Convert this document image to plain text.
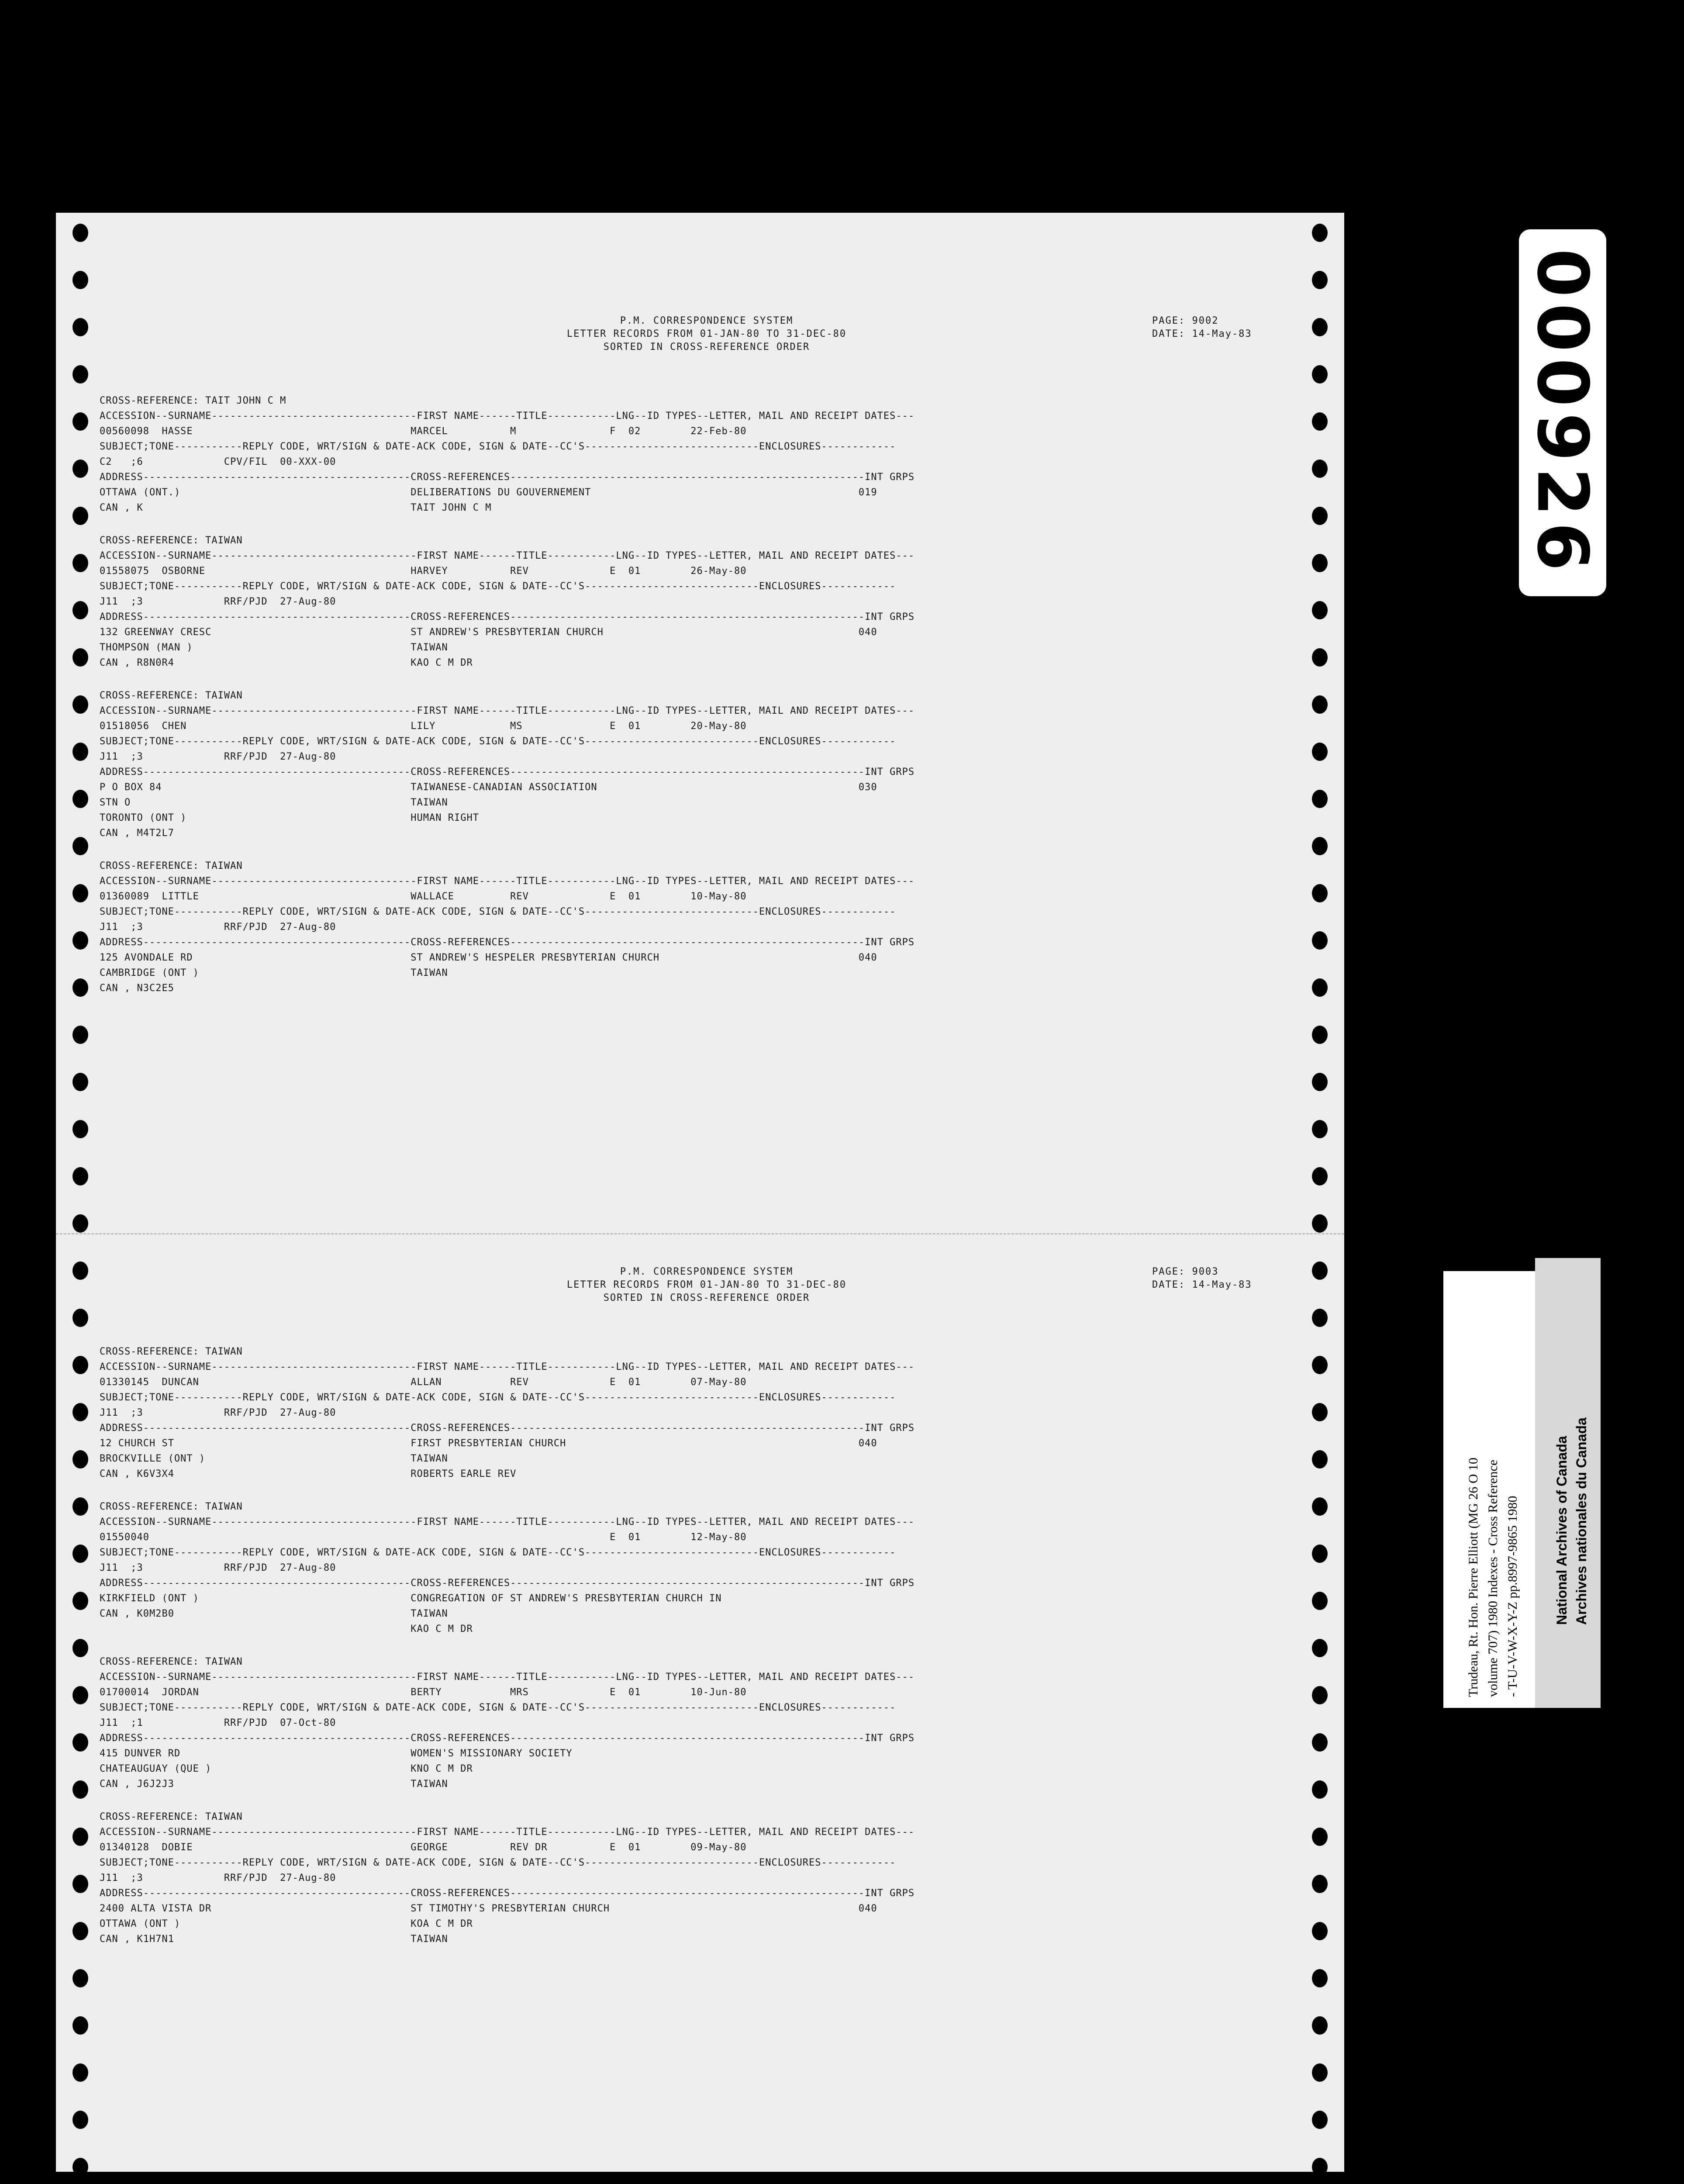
P.M. CORRESPONDENCE SYSTEM
LETTER RECORDS FROM 01-JAN-80 TO 31-DEC-80
SORTED IN CROSS-REFERENCE ORDER
PAGE: 9002
DATE: 14-May-83
CROSS-REFERENCE: TAIT JOHN C M
ACCESSION--SURNAME---------------------------------FIRST NAME------TITLE-----------LNG--ID TYPES--LETTER, MAIL AND RECEIPT DATES---
00560098  HASSE                                   MARCEL          M               F  02        22-Feb-80
SUBJECT;TONE-----------REPLY CODE, WRT/SIGN & DATE-ACK CODE, SIGN & DATE--CC'S----------------------------ENCLOSURES------------
C2   ;6             CPV/FIL  00-XXX-00
ADDRESS-------------------------------------------CROSS-REFERENCES---------------------------------------------------------INT GRPS
OTTAWA (ONT.)                                     DELIBERATIONS DU GOUVERNEMENT                                           019
CAN , K                                           TAIT JOHN C M
CROSS-REFERENCE: TAIWAN
ACCESSION--SURNAME---------------------------------FIRST NAME------TITLE-----------LNG--ID TYPES--LETTER, MAIL AND RECEIPT DATES---
01558075  OSBORNE                                 HARVEY          REV             E  01        26-May-80
SUBJECT;TONE-----------REPLY CODE, WRT/SIGN & DATE-ACK CODE, SIGN & DATE--CC'S----------------------------ENCLOSURES------------
J11  ;3             RRF/PJD  27-Aug-80
ADDRESS-------------------------------------------CROSS-REFERENCES---------------------------------------------------------INT GRPS
132 GREENWAY CRESC                                ST ANDREW'S PRESBYTERIAN CHURCH                                         040
THOMPSON (MAN )                                   TAIWAN
CAN , R8N0R4                                      KAO C M DR
CROSS-REFERENCE: TAIWAN
ACCESSION--SURNAME---------------------------------FIRST NAME------TITLE-----------LNG--ID TYPES--LETTER, MAIL AND RECEIPT DATES---
01518056  CHEN                                    LILY            MS              E  01        20-May-80
SUBJECT;TONE-----------REPLY CODE, WRT/SIGN & DATE-ACK CODE, SIGN & DATE--CC'S----------------------------ENCLOSURES------------
J11  ;3             RRF/PJD  27-Aug-80
ADDRESS-------------------------------------------CROSS-REFERENCES---------------------------------------------------------INT GRPS
P O BOX 84                                        TAIWANESE-CANADIAN ASSOCIATION                                          030
STN O                                             TAIWAN
TORONTO (ONT )                                    HUMAN RIGHT
CAN , M4T2L7
CROSS-REFERENCE: TAIWAN
ACCESSION--SURNAME---------------------------------FIRST NAME------TITLE-----------LNG--ID TYPES--LETTER, MAIL AND RECEIPT DATES---
01360089  LITTLE                                  WALLACE         REV             E  01        10-May-80
SUBJECT;TONE-----------REPLY CODE, WRT/SIGN & DATE-ACK CODE, SIGN & DATE--CC'S----------------------------ENCLOSURES------------
J11  ;3             RRF/PJD  27-Aug-80
ADDRESS-------------------------------------------CROSS-REFERENCES---------------------------------------------------------INT GRPS
125 AVONDALE RD                                   ST ANDREW'S HESPELER PRESBYTERIAN CHURCH                                040
CAMBRIDGE (ONT )                                  TAIWAN
CAN , N3C2E5
P.M. CORRESPONDENCE SYSTEM
LETTER RECORDS FROM 01-JAN-80 TO 31-DEC-80
SORTED IN CROSS-REFERENCE ORDER
PAGE: 9003
DATE: 14-May-83
CROSS-REFERENCE: TAIWAN
ACCESSION--SURNAME---------------------------------FIRST NAME------TITLE-----------LNG--ID TYPES--LETTER, MAIL AND RECEIPT DATES---
01330145  DUNCAN                                  ALLAN           REV             E  01        07-May-80
SUBJECT;TONE-----------REPLY CODE, WRT/SIGN & DATE-ACK CODE, SIGN & DATE--CC'S----------------------------ENCLOSURES------------
J11  ;3             RRF/PJD  27-Aug-80
ADDRESS-------------------------------------------CROSS-REFERENCES---------------------------------------------------------INT GRPS
12 CHURCH ST                                      FIRST PRESBYTERIAN CHURCH                                               040
BROCKVILLE (ONT )                                 TAIWAN
CAN , K6V3X4                                      ROBERTS EARLE REV
CROSS-REFERENCE: TAIWAN
ACCESSION--SURNAME---------------------------------FIRST NAME------TITLE-----------LNG--ID TYPES--LETTER, MAIL AND RECEIPT DATES---
01550040                                                                          E  01        12-May-80
SUBJECT;TONE-----------REPLY CODE, WRT/SIGN & DATE-ACK CODE, SIGN & DATE--CC'S----------------------------ENCLOSURES------------
J11  ;3             RRF/PJD  27-Aug-80
ADDRESS-------------------------------------------CROSS-REFERENCES---------------------------------------------------------INT GRPS
KIRKFIELD (ONT )                                  CONGREGATION OF ST ANDREW'S PRESBYTERIAN CHURCH IN
CAN , K0M2B0                                      TAIWAN
KAO C M DR
CROSS-REFERENCE: TAIWAN
ACCESSION--SURNAME---------------------------------FIRST NAME------TITLE-----------LNG--ID TYPES--LETTER, MAIL AND RECEIPT DATES---
01700014  JORDAN                                  BERTY           MRS             E  01        10-Jun-80
SUBJECT;TONE-----------REPLY CODE, WRT/SIGN & DATE-ACK CODE, SIGN & DATE--CC'S----------------------------ENCLOSURES------------
J11  ;1             RRF/PJD  07-Oct-80
ADDRESS-------------------------------------------CROSS-REFERENCES---------------------------------------------------------INT GRPS
415 DUNVER RD                                     WOMEN'S MISSIONARY SOCIETY
CHATEAUGUAY (QUE )                                KNO C M DR
CAN , J6J2J3                                      TAIWAN
CROSS-REFERENCE: TAIWAN
ACCESSION--SURNAME---------------------------------FIRST NAME------TITLE-----------LNG--ID TYPES--LETTER, MAIL AND RECEIPT DATES---
01340128  DOBIE                                   GEORGE          REV DR          E  01        09-May-80
SUBJECT;TONE-----------REPLY CODE, WRT/SIGN & DATE-ACK CODE, SIGN & DATE--CC'S----------------------------ENCLOSURES------------
J11  ;3             RRF/PJD  27-Aug-80
ADDRESS-------------------------------------------CROSS-REFERENCES---------------------------------------------------------INT GRPS
2400 ALTA VISTA DR                                ST TIMOTHY'S PRESBYTERIAN CHURCH                                        040
OTTAWA (ONT )                                     KOA C M DR
CAN , K1H7N1                                      TAIWAN
000926
Trudeau, Rt. Hon. Pierre Elliott (MG 26 O 10 volume 707) 1980 Indexes - Cross Reference - T-U-V-W-X-Y-Z pp.8997-9865 1980 National Archives of Canada Archives nationales du Canada
